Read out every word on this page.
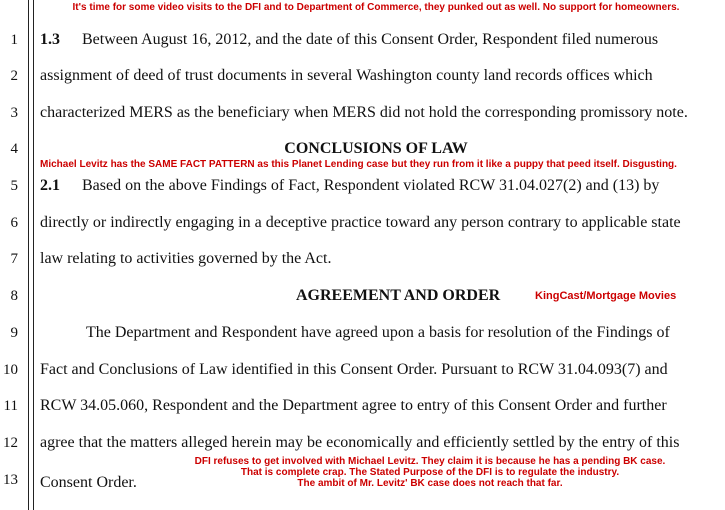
It's time for some video visits to the DFI and to Department of Commerce, they punked out as well. No support for homeowners.
1
2
3
4
5
6
7
8
9
10
11
12
13
1.3 Between August 16, 2012, and the date of this Consent Order, Respondent filed numerous
assignment of deed of trust documents in several Washington county land records offices which
characterized MERS as the beneficiary when MERS did not hold the corresponding promissory note.
CONCLUSIONS OF LAW
Michael Levitz has the SAME FACT PATTERN as this Planet Lending case but they run from it like a puppy that peed itself. Disgusting.
2.1 Based on the above Findings of Fact, Respondent violated RCW 31.04.027(2) and (13) by
directly or indirectly engaging in a deceptive practice toward any person contrary to applicable state
law relating to activities governed by the Act.
AGREEMENT AND ORDER	KingCast/Mortgage Movies
The Department and Respondent have agreed upon a basis for resolution of the Findings of
Fact and Conclusions of Law identified in this Consent Order. Pursuant to RCW 31.04.093(7) and
RCW 34.05.060, Respondent and the Department agree to entry of this Consent Order and further
agree that the matters alleged herein may be economically and efficiently settled by the entry of this
Consent Order.
DFI refuses to get involved with Michael Levitz. They claim it is because he has a pending BK case.
That is complete crap. The Stated Purpose of the DFI is to regulate the industry.
The ambit of Mr. Levitz' BK case does not reach that far.
